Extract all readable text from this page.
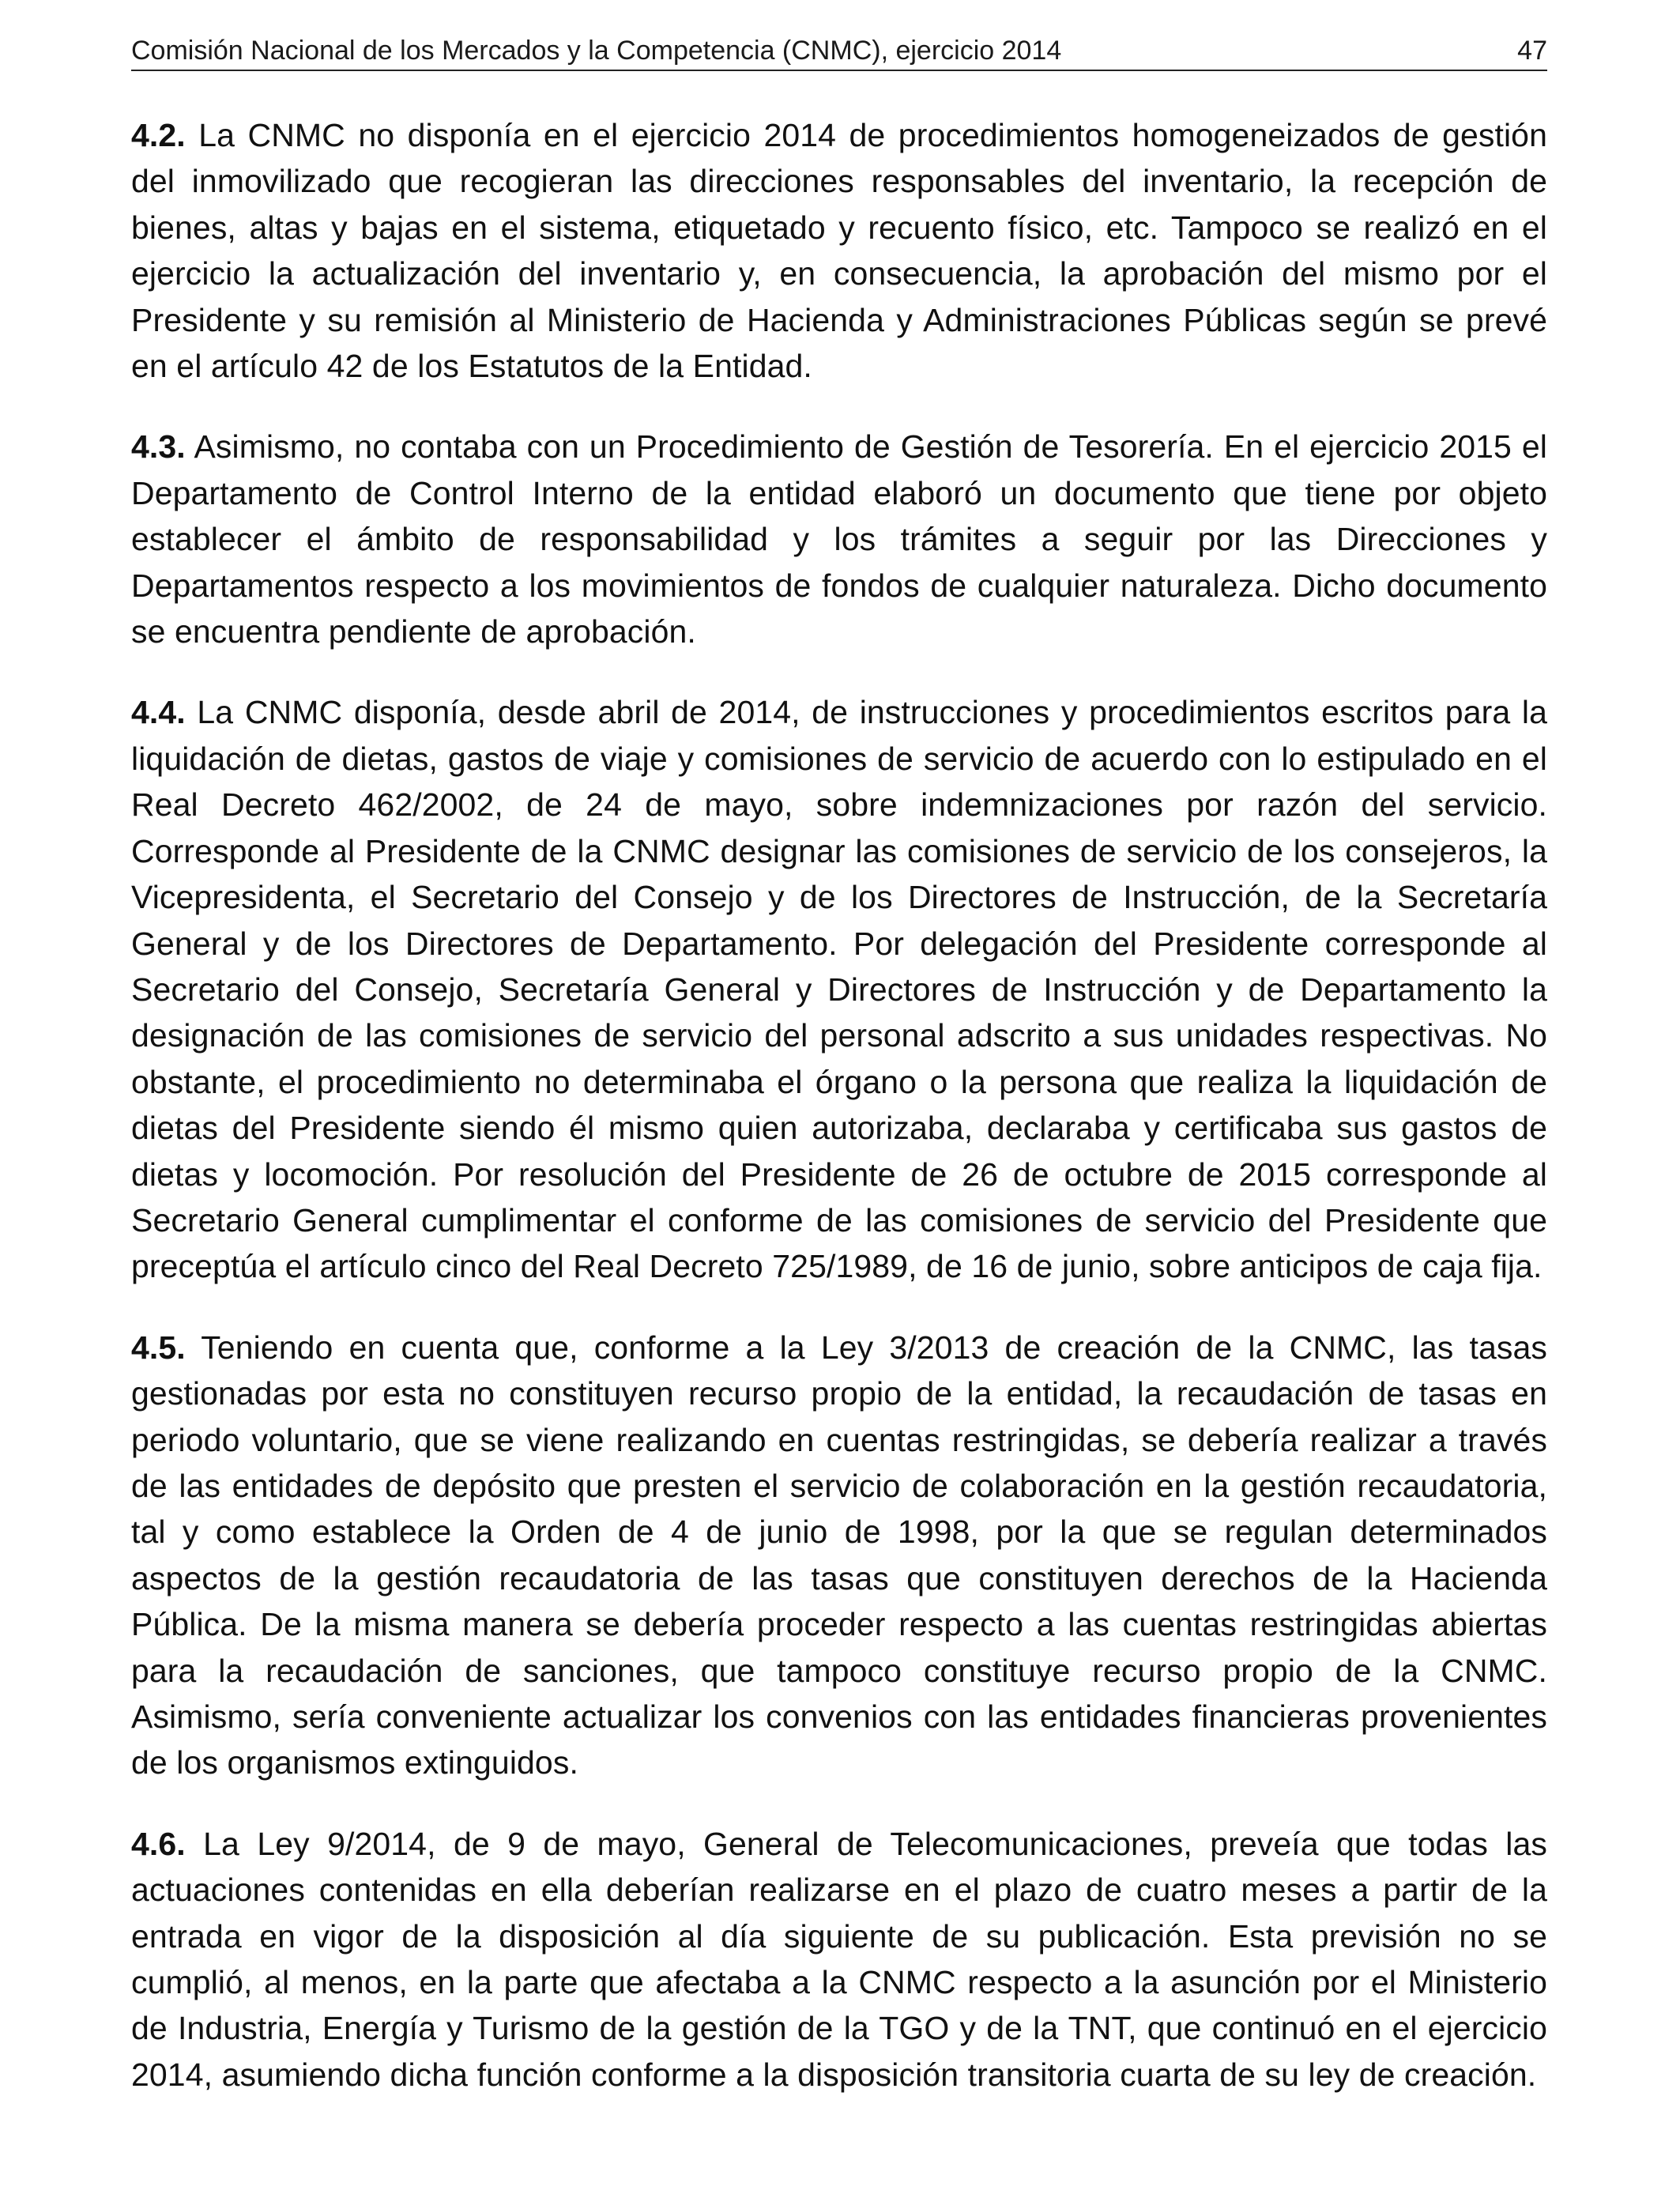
Comisión Nacional de los Mercados y la Competencia (CNMC), ejercicio 2014	47

4.2. La CNMC no disponía en el ejercicio 2014 de procedimientos homogeneizados de gestión del inmovilizado que recogieran las direcciones responsables del inventario, la recepción de bienes, altas y bajas en el sistema, etiquetado y recuento físico, etc. Tampoco se realizó en el ejercicio la actualización del inventario y, en consecuencia, la aprobación del mismo por el Presidente y su remisión al Ministerio de Hacienda y Administraciones Públicas según se prevé en el artículo 42 de los Estatutos de la Entidad.

4.3. Asimismo, no contaba con un Procedimiento de Gestión de Tesorería. En el ejercicio 2015 el Departamento de Control Interno de la entidad elaboró un documento que tiene por objeto establecer el ámbito de responsabilidad y los trámites a seguir por las Direcciones y Departamentos respecto a los movimientos de fondos de cualquier naturaleza. Dicho documento se encuentra pendiente de aprobación.

4.4. La CNMC disponía, desde abril de 2014, de instrucciones y procedimientos escritos para la liquidación de dietas, gastos de viaje y comisiones de servicio de acuerdo con lo estipulado en el Real Decreto 462/2002, de 24 de mayo, sobre indemnizaciones por razón del servicio. Corresponde al Presidente de la CNMC designar las comisiones de servicio de los consejeros, la Vicepresidenta, el Secretario del Consejo y de los Directores de Instrucción, de la Secretaría General y de los Directores de Departamento. Por delegación del Presidente corresponde al Secretario del Consejo, Secretaría General y Directores de Instrucción y de Departamento la designación de las comisiones de servicio del personal adscrito a sus unidades respectivas. No obstante, el procedimiento no determinaba el órgano o la persona que realiza la liquidación de dietas del Presidente siendo él mismo quien autorizaba, declaraba y certificaba sus gastos de dietas y locomoción. Por resolución del Presidente de 26 de octubre de 2015 corresponde al Secretario General cumplimentar el conforme de las comisiones de servicio del Presidente que preceptúa el artículo cinco del Real Decreto 725/1989, de 16 de junio, sobre anticipos de caja fija.

4.5. Teniendo en cuenta que, conforme a la Ley 3/2013 de creación de la CNMC, las tasas gestionadas por esta no constituyen recurso propio de la entidad, la recaudación de tasas en periodo voluntario, que se viene realizando en cuentas restringidas, se debería realizar a través de las entidades de depósito que presten el servicio de colaboración en la gestión recaudatoria, tal y como establece la Orden de 4 de junio de 1998, por la que se regulan determinados aspectos de la gestión recaudatoria de las tasas que constituyen derechos de la Hacienda Pública. De la misma manera se debería proceder respecto a las cuentas restringidas abiertas para la recaudación de sanciones, que tampoco constituye recurso propio de la CNMC. Asimismo, sería conveniente actualizar los convenios con las entidades financieras provenientes de los organismos extinguidos.

4.6. La Ley 9/2014, de 9 de mayo, General de Telecomunicaciones, preveía que todas las actuaciones contenidas en ella deberían realizarse en el plazo de cuatro meses a partir de la entrada en vigor de la disposición al día siguiente de su publicación. Esta previsión no se cumplió, al menos, en la parte que afectaba a la CNMC respecto a la asunción por el Ministerio de Industria, Energía y Turismo de la gestión de la TGO y de la TNT, que continuó en el ejercicio 2014, asumiendo dicha función conforme a la disposición transitoria cuarta de su ley de creación.
